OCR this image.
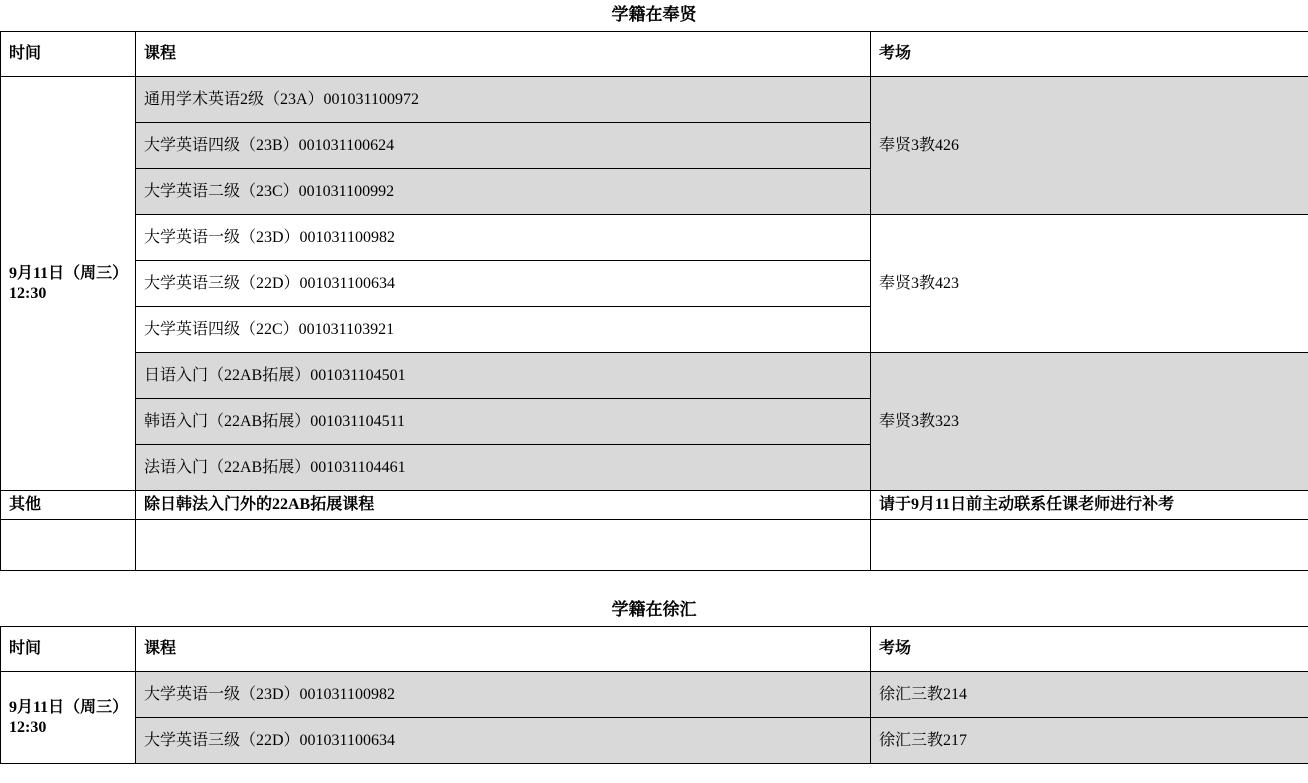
学籍在奉贤
时间	课程	考场
9月11日（周三）12:30	通用学术英语2级（23A）001031100972	奉贤3教426
	大学英语四级（23B）001031100624	
	大学英语二级（23C）001031100992	
	大学英语一级（23D）001031100982	奉贤3教423
	大学英语三级（22D）001031100634	
	大学英语四级（22C）001031103921	
	日语入门（22AB拓展）001031104501	奉贤3教323
	韩语入门（22AB拓展）001031104511	
	法语入门（22AB拓展）001031104461	
其他	除日韩法入门外的22AB拓展课程	请于9月11日前主动联系任课老师进行补考

学籍在徐汇
时间	课程	考场
9月11日（周三）12:30	大学英语一级（23D）001031100982	徐汇三教214
	大学英语三级（22D）001031100634	徐汇三教217
